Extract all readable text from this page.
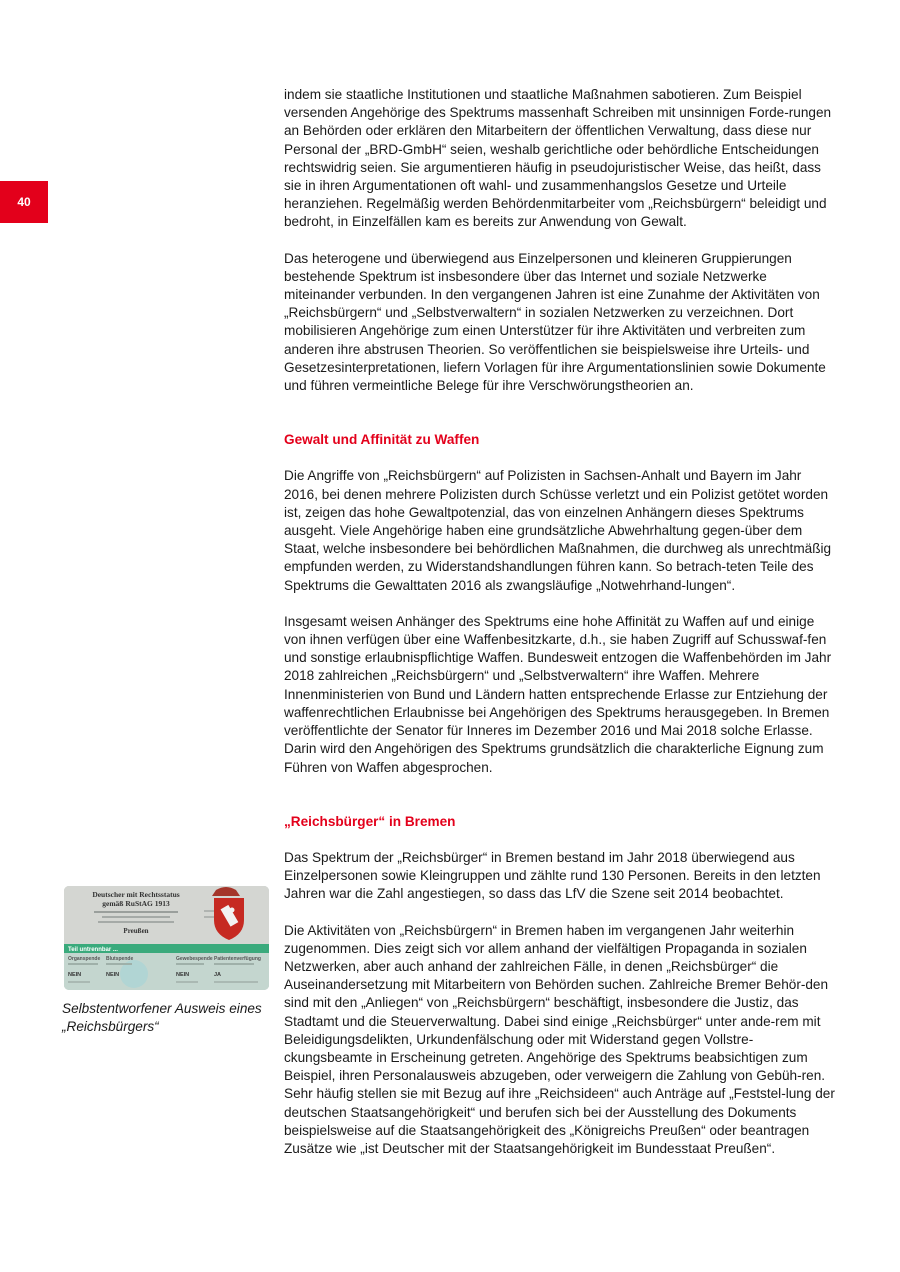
40

indem sie staatliche Institutionen und staatliche Maßnahmen sabotieren. Zum Beispiel versenden Angehörige des Spektrums massenhaft Schreiben mit unsinnigen Forde-rungen an Behörden oder erklären den Mitarbeitern der öffentlichen Verwaltung, dass diese nur Personal der „BRD-GmbH“ seien, weshalb gerichtliche oder behördliche Entscheidungen rechtswidrig seien. Sie argumentieren häufig in pseudojuristischer Weise, das heißt, dass sie in ihren Argumentationen oft wahl- und zusammenhangslos Gesetze und Urteile heranziehen. Regelmäßig werden Behördenmitarbeiter vom „Reichsbürgern“ beleidigt und bedroht, in Einzelfällen kam es bereits zur Anwendung von Gewalt.

Das heterogene und überwiegend aus Einzelpersonen und kleineren Gruppierungen bestehende Spektrum ist insbesondere über das Internet und soziale Netzwerke miteinander verbunden. In den vergangenen Jahren ist eine Zunahme der Aktivitäten von „Reichsbürgern“ und „Selbstverwaltern“ in sozialen Netzwerken zu verzeichnen. Dort mobilisieren Angehörige zum einen Unterstützer für ihre Aktivitäten und verbreiten zum anderen ihre abstrusen Theorien. So veröffentlichen sie beispielsweise ihre Urteils- und Gesetzesinterpretationen, liefern Vorlagen für ihre Argumentationslinien sowie Dokumente und führen vermeintliche Belege für ihre Verschwörungstheorien an.

Gewalt und Affinität zu Waffen

Die Angriffe von „Reichsbürgern“ auf Polizisten in Sachsen-Anhalt und Bayern im Jahr 2016, bei denen mehrere Polizisten durch Schüsse verletzt und ein Polizist getötet worden ist, zeigen das hohe Gewaltpotenzial, das von einzelnen Anhängern dieses Spektrums ausgeht. Viele Angehörige haben eine grundsätzliche Abwehrhaltung gegen-über dem Staat, welche insbesondere bei behördlichen Maßnahmen, die durchweg als unrechtmäßig empfunden werden, zu Widerstandshandlungen führen kann. So betrach-teten Teile des Spektrums die Gewalttaten 2016 als zwangsläufige „Notwehrhand-lungen“.

Insgesamt weisen Anhänger des Spektrums eine hohe Affinität zu Waffen auf und einige von ihnen verfügen über eine Waffenbesitzkarte, d.h., sie haben Zugriff auf Schusswaf-fen und sonstige erlaubnispflichtige Waffen. Bundesweit entzogen die Waffenbehörden im Jahr 2018 zahlreichen „Reichsbürgern“ und „Selbstverwaltern“ ihre Waffen. Mehrere Innenministerien von Bund und Ländern hatten entsprechende Erlasse zur Entziehung der waffenrechtlichen Erlaubnisse bei Angehörigen des Spektrums herausgegeben. In Bremen veröffentlichte der Senator für Inneres im Dezember 2016 und Mai 2018 solche Erlasse. Darin wird den Angehörigen des Spektrums grundsätzlich die charakterliche Eignung zum Führen von Waffen abgesprochen.

„Reichsbürger“ in Bremen

Das Spektrum der „Reichsbürger“ in Bremen bestand im Jahr 2018 überwiegend aus Einzelpersonen sowie Kleingruppen und zählte rund 130 Personen. Bereits in den letzten Jahren war die Zahl angestiegen, so dass das LfV die Szene seit 2014 beobachtet.

Die Aktivitäten von „Reichsbürgern“ in Bremen haben im vergangenen Jahr weiterhin zugenommen. Dies zeigt sich vor allem anhand der vielfältigen Propaganda in sozialen Netzwerken, aber auch anhand der zahlreichen Fälle, in denen „Reichsbürger“ die Auseinandersetzung mit Mitarbeitern von Behörden suchen. Zahlreiche Bremer Behör-den sind mit den „Anliegen“ von „Reichsbürgern“ beschäftigt, insbesondere die Justiz, das Stadtamt und die Steuerverwaltung. Dabei sind einige „Reichsbürger“ unter ande-rem mit Beleidigungsdelikten, Urkundenfälschung oder mit Widerstand gegen Vollstre-ckungsbeamte in Erscheinung getreten. Angehörige des Spektrums beabsichtigen zum Beispiel, ihren Personalausweis abzugeben, oder verweigern die Zahlung von Gebüh-ren. Sehr häufig stellen sie mit Bezug auf ihre „Reichsideen“ auch Anträge auf „Feststel-lung der deutschen Staatsangehörigkeit“ und berufen sich bei der Ausstellung des Dokuments beispielsweise auf die Staatsangehörigkeit des „Königreichs Preußen“ oder beantragen Zusätze wie „ist Deutscher mit der Staatsangehörigkeit im Bundesstaat Preußen“.

Deutscher mit Rechtsstatus
gemäß RuStAG 1913
Preußen
Teil untrennbar ...
Organspende Blutspende	Gewebespende Patientenverfügung
NEIN	NEIN	NEIN	JA
Selbstentworfener Ausweis eines „Reichsbürgers“
